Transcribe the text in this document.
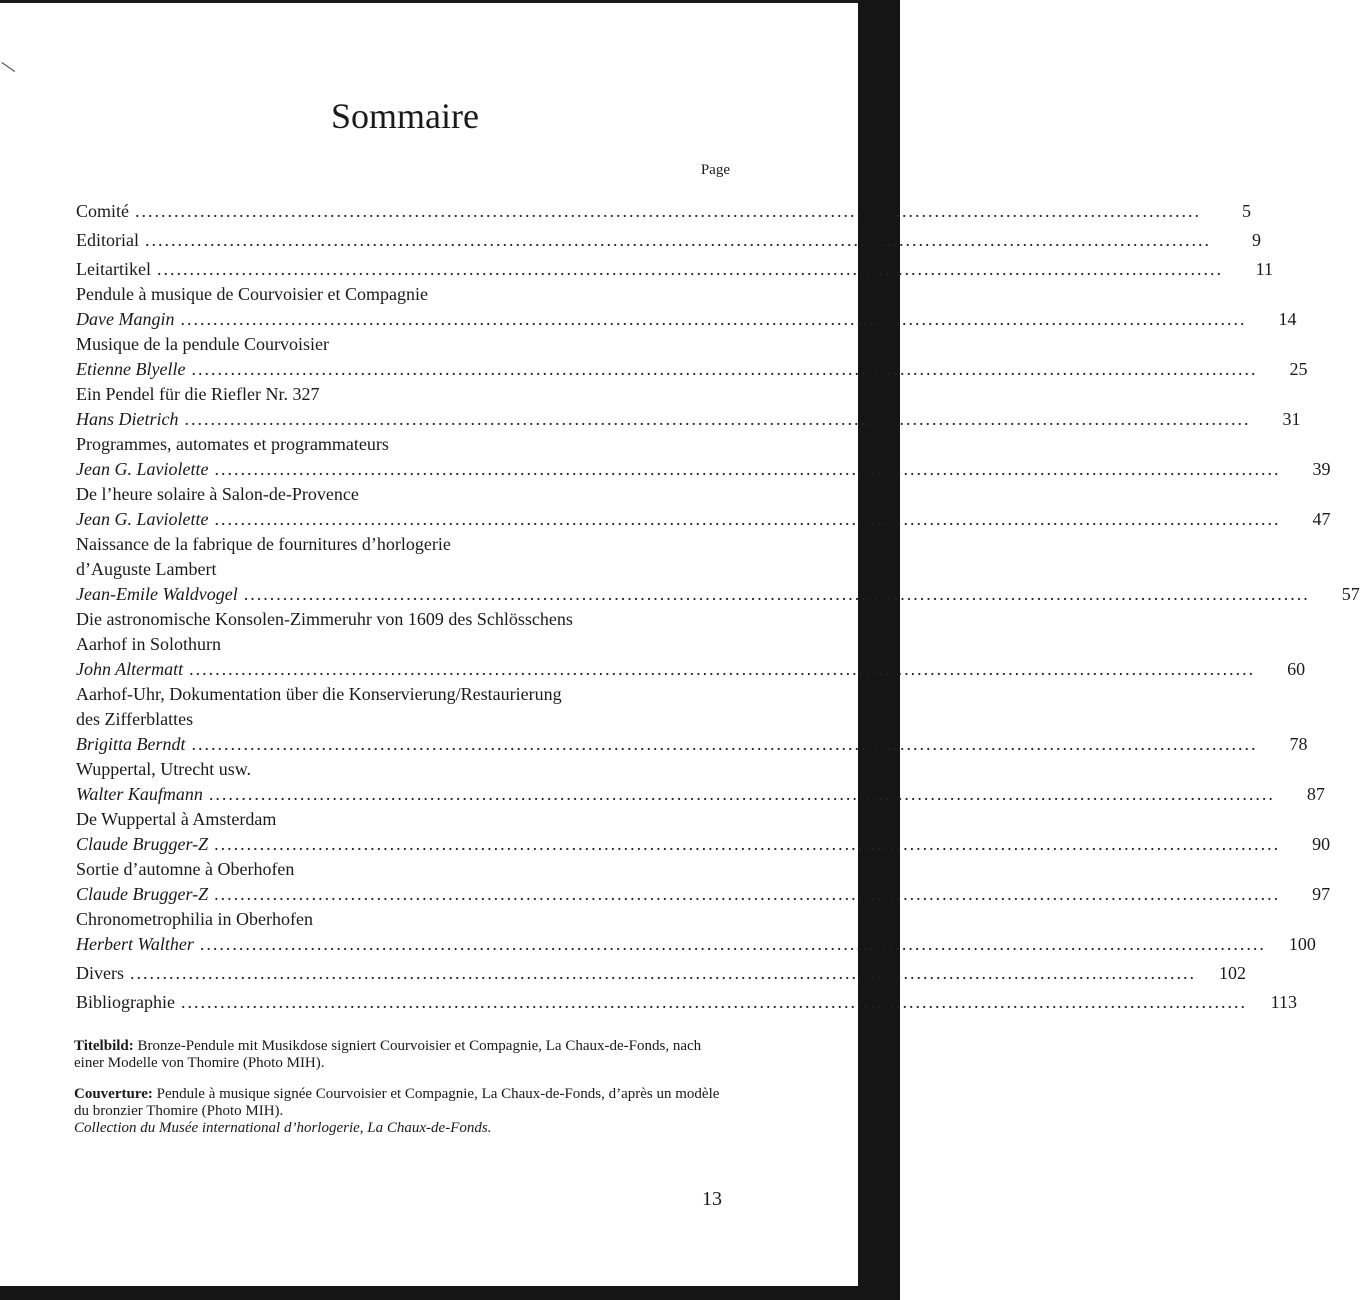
Sommaire
Page
Comité ....................................................................................................................................................................	5
Editorial ....................................................................................................................................................................	9
Leitartikel ....................................................................................................................................................................	11
Pendule à musique de Courvoisier et Compagnie
Dave Mangin ....................................................................................................................................................................	14
Musique de la pendule Courvoisier
Etienne Blyelle ....................................................................................................................................................................	25
Ein Pendel für die Riefler Nr. 327
Hans Dietrich ....................................................................................................................................................................	31
Programmes, automates et programmateurs
Jean G. Laviolette ....................................................................................................................................................................	39
De l’heure solaire à Salon-de-Provence
Jean G. Laviolette ....................................................................................................................................................................	47
Naissance de la fabrique de fournitures d’horlogerie
d’Auguste Lambert
Jean-Emile Waldvogel ....................................................................................................................................................................	57
Die astronomische Konsolen-Zimmeruhr von 1609 des Schlösschens
Aarhof in Solothurn
John Altermatt ....................................................................................................................................................................	60
Aarhof-Uhr, Dokumentation über die Konservierung/Restaurierung
des Zifferblattes
Brigitta Berndt ....................................................................................................................................................................	78
Wuppertal, Utrecht usw.
Walter Kaufmann ....................................................................................................................................................................	87
De Wuppertal à Amsterdam
Claude Brugger-Z ....................................................................................................................................................................	90
Sortie d’automne à Oberhofen
Claude Brugger-Z ....................................................................................................................................................................	97
Chronometrophilia in Oberhofen
Herbert Walther ....................................................................................................................................................................	100
Divers ....................................................................................................................................................................	102
Bibliographie ....................................................................................................................................................................	113

Titelbild: Bronze-Pendule mit Musikdose signiert Courvoisier et Compagnie, La Chaux-de-Fonds, nach einer Modelle von Thomire (Photo MIH).

Couverture: Pendule à musique signée Courvoisier et Compagnie, La Chaux-de-Fonds, d’après un modèle du bronzier Thomire (Photo MIH).
Collection du Musée international d’horlogerie, La Chaux-de-Fonds.

13
